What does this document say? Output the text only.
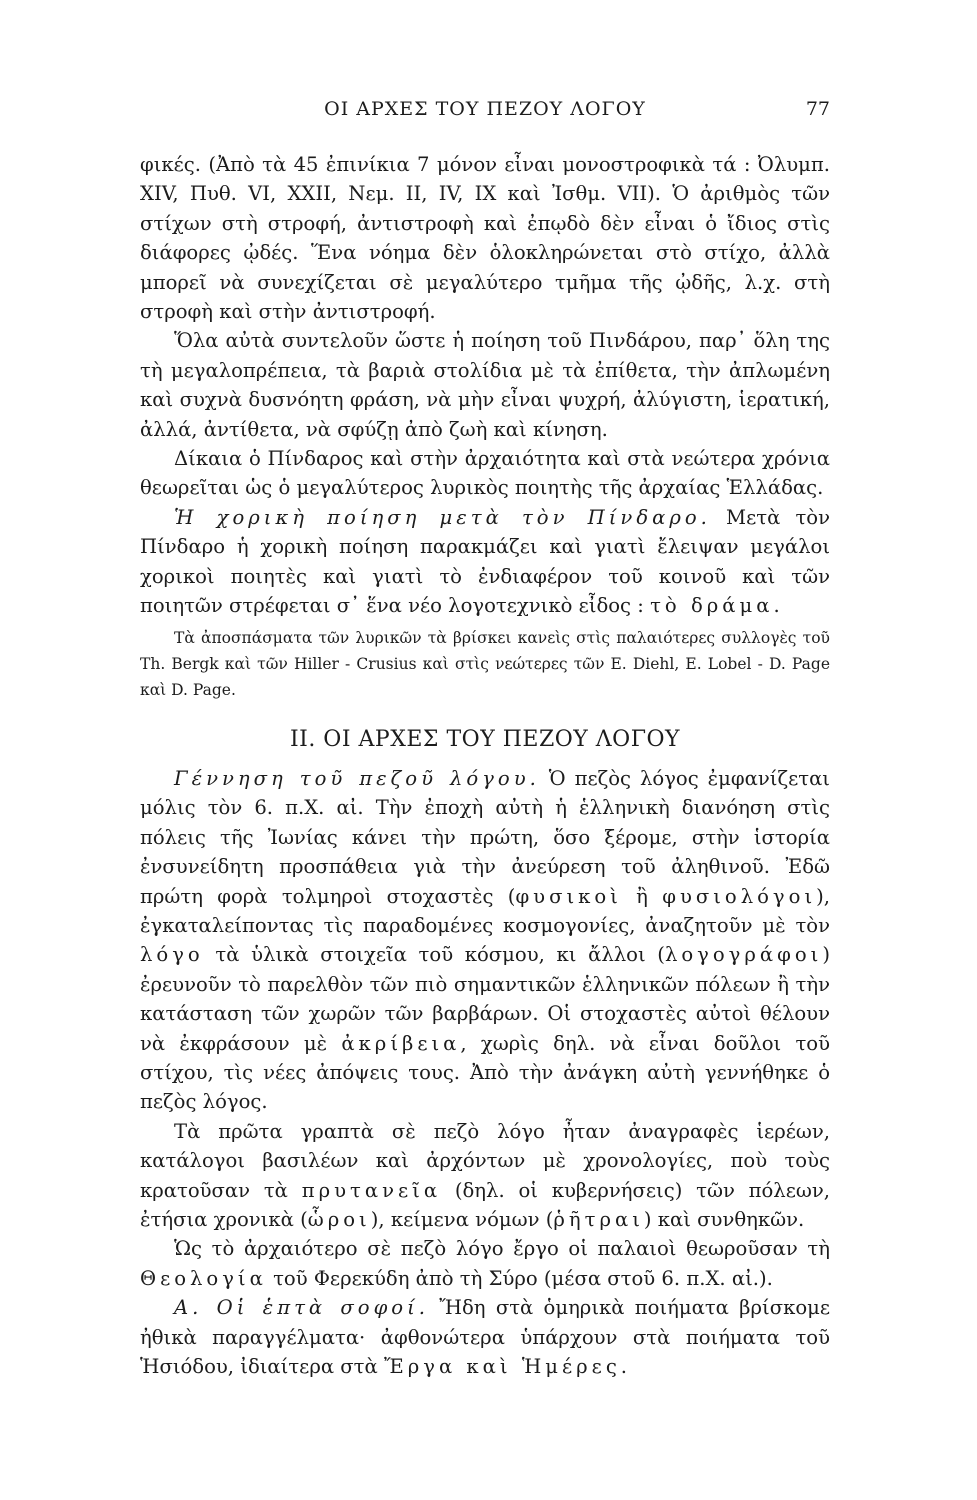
ΟΙ ΑΡΧΕΣ ΤΟΥ ΠΕΖΟΥ ΛΟΓΟΥ	77

φικές. (Ἀπὸ τὰ 45 ἐπινίκια 7 μόνον εἶναι μονοστροφικὰ τά : Ὀλυμπ. XIV, Πυθ. VI, XXII, Νεμ. II, IV, IX καὶ Ἰσθμ. VII). Ὁ ἀριθμὸς τῶν στίχων στὴ στροφή, ἀντιστροφὴ καὶ ἐπῳδὸ δὲν εἶναι ὁ ἴδιος στὶς διάφορες ᾠδές. Ἕνα νόημα δὲν ὁλοκληρώνεται στὸ στίχο, ἀλλὰ μπορεῖ νὰ συνεχίζεται σὲ μεγαλύτερο τμῆμα τῆς ᾠδῆς, λ.χ. στὴ στροφὴ καὶ στὴν ἀντιστροφή.

Ὅλα αὐτὰ συντελοῦν ὥστε ἡ ποίηση τοῦ Πινδάρου, παρ᾽ ὅλη της τὴ μεγαλοπρέπεια, τὰ βαριὰ στολίδια μὲ τὰ ἐπίθετα, τὴν ἀπλωμένη καὶ συχνὰ δυσνόητη φράση, νὰ μὴν εἶναι ψυχρή, ἀλύγιστη, ἱερατική, ἀλλά, ἀντίθετα, νὰ σφύζῃ ἀπὸ ζωὴ καὶ κίνηση.

Δίκαια ὁ Πίνδαρος καὶ στὴν ἀρχαιότητα καὶ στὰ νεώτερα χρόνια θεωρεῖται ὡς ὁ μεγαλύτερος λυρικὸς ποιητὴς τῆς ἀρχαίας Ἑλλάδας.

Ἡ χορικὴ ποίηση μετὰ τὸν Πίνδαρο. Μετὰ τὸν Πίνδαρο ἡ χορικὴ ποίηση παρακμάζει καὶ γιατὶ ἔλειψαν μεγάλοι χορικοὶ ποιητὲς καὶ γιατὶ τὸ ἐνδιαφέρον τοῦ κοινοῦ καὶ τῶν ποιητῶν στρέφεται σ᾽ ἕνα νέο λογοτεχνικὸ εἶδος : τὸ δράμα.

Τὰ ἀποσπάσματα τῶν λυρικῶν τὰ βρίσκει κανεὶς στὶς παλαιότερες συλλογὲς τοῦ Th. Bergk καὶ τῶν Hiller - Crusius καὶ στὶς νεώτερες τῶν E. Diehl, E. Lobel - D. Page καὶ D. Page.

ΙΙ. ΟΙ ΑΡΧΕΣ ΤΟΥ ΠΕΖΟΥ ΛΟΓΟΥ

Γέννηση τοῦ πεζοῦ λόγου. Ὁ πεζὸς λόγος ἐμφανίζεται μόλις τὸν 6. π.Χ. αἰ. Τὴν ἐποχὴ αὐτὴ ἡ ἑλληνικὴ διανόηση στὶς πόλεις τῆς Ἰωνίας κάνει τὴν πρώτη, ὅσο ξέρομε, στὴν ἱστορία ἐνσυνείδητη προσπάθεια γιὰ τὴν ἀνεύρεση τοῦ ἀληθινοῦ. Ἐδῶ πρώτη φορὰ τολμηροὶ στοχαστὲς (φυσικοὶ ἢ φυσιολόγοι), ἐγκαταλείποντας τὶς παραδομένες κοσμογονίες, ἀναζητοῦν μὲ τὸν λόγο τὰ ὑλικὰ στοιχεῖα τοῦ κόσμου, κι ἄλλοι (λογογράφοι) ἐρευνοῦν τὸ παρελθὸν τῶν πιὸ σημαντικῶν ἑλληνικῶν πόλεων ἢ τὴν κατάσταση τῶν χωρῶν τῶν βαρβάρων. Οἱ στοχαστὲς αὐτοὶ θέλουν νὰ ἐκφράσουν μὲ ἀκρίβεια, χωρὶς δηλ. νὰ εἶναι δοῦλοι τοῦ στίχου, τὶς νέες ἀπόψεις τους. Ἀπὸ τὴν ἀνάγκη αὐτὴ γεννήθηκε ὁ πεζὸς λόγος.

Τὰ πρῶτα γραπτὰ σὲ πεζὸ λόγο ἦταν ἀναγραφὲς ἱερέων, κατάλογοι βασιλέων καὶ ἀρχόντων μὲ χρονολογίες, ποὺ τοὺς κρατοῦσαν τὰ πρυτανεῖα (δηλ. οἱ κυβερνήσεις) τῶν πόλεων, ἐτήσια χρονικὰ (ὧροι), κείμενα νόμων (ῥῆτραι) καὶ συνθηκῶν.

Ὡς τὸ ἀρχαιότερο σὲ πεζὸ λόγο ἔργο οἱ παλαιοὶ θεωροῦσαν τὴ Θεολογία τοῦ Φερεκύδη ἀπὸ τὴ Σύρο (μέσα στοῦ 6. π.Χ. αἰ.).

Α. Οἱ ἑπτὰ σοφοί. Ἤδη στὰ ὁμηρικὰ ποιήματα βρίσκομε ἠθικὰ παραγγέλματα· ἀφθονώτερα ὑπάρχουν στὰ ποιήματα τοῦ Ἡσιόδου, ἰδιαίτερα στὰ Ἔργα καὶ Ἡμέρες.
